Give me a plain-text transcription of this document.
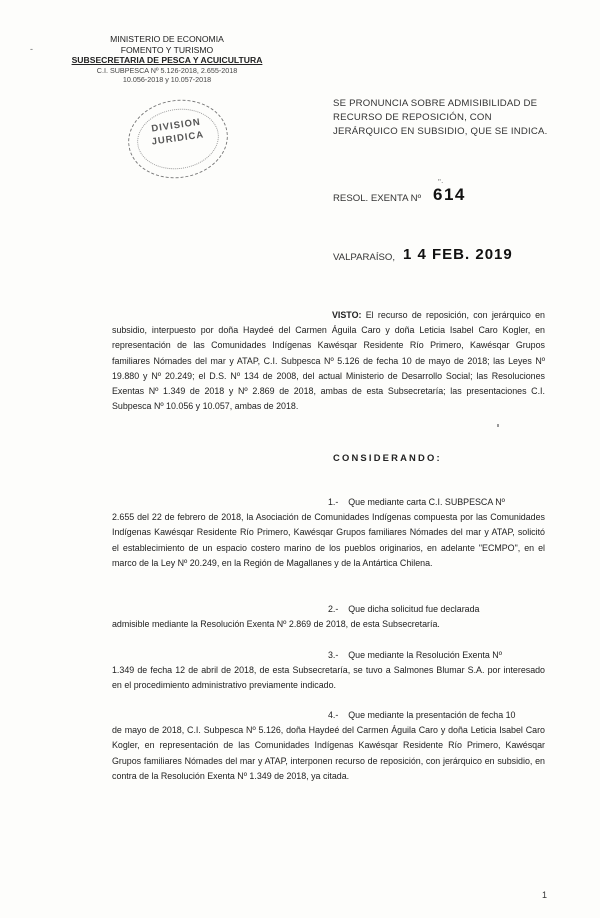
-
MINISTERIO DE ECONOMIA
FOMENTO Y TURISMO
SUBSECRETARIA DE PESCA Y ACUICULTURA
C.I. SUBPESCA Nº 5.126-2018, 2.655-2018
10.056-2018 y 10.057-2018
DIVISION
JURIDICA
SE PRONUNCIA SOBRE ADMISIBILIDAD DE RECURSO DE REPOSICIÓN, CON JERÁRQUICO EN SUBSIDIO, QUE SE INDICA.
RESOL. EXENTA Nº
"·
614
VALPARAÍSO, 1 4 FEB. 2019
VISTO: El recurso de reposición, con jerárquico en subsidio, interpuesto por doña Haydeé del Carmen Águila Caro y doña Leticia Isabel Caro Kogler, en representación de las Comunidades Indígenas Kawésqar Residente Río Primero, Kawésqar Grupos familiares Nómades del mar y ATAP, C.I. Subpesca Nº 5.126 de fecha 10 de mayo de 2018; las Leyes Nº 19.880 y Nº 20.249; el D.S. Nº 134 de 2008, del actual Ministerio de Desarrollo Social; las Resoluciones Exentas Nº 1.349 de 2018 y Nº 2.869 de 2018, ambas de esta Subsecretaría; las presentaciones C.I. Subpesca Nº 10.056 y 10.057, ambas de 2018.
CONSIDERANDO:
1.- Que mediante carta C.I. SUBPESCA Nº
2.655 del 22 de febrero de 2018, la Asociación de Comunidades Indígenas compuesta por las Comunidades Indígenas Kawésqar Residente Río Primero, Kawésqar Grupos familiares Nómades del mar y ATAP, solicitó el establecimiento de un espacio costero marino de los pueblos originarios, en adelante "ECMPO", en el marco de la Ley Nº 20.249, en la Región de Magallanes y de la Antártica Chilena.
2.- Que dicha solicitud fue declarada
admisible mediante la Resolución Exenta Nº 2.869 de 2018, de esta Subsecretaría.
3.- Que mediante la Resolución Exenta Nº
1.349 de fecha 12 de abril de 2018, de esta Subsecretaría, se tuvo a Salmones Blumar S.A. por interesado en el procedimiento administrativo previamente indicado.
4.- Que mediante la presentación de fecha 10
de mayo de 2018, C.I. Subpesca Nº 5.126, doña Haydeé del Carmen Águila Caro y doña Leticia Isabel Caro Kogler, en representación de las Comunidades Indígenas Kawésqar Residente Río Primero, Kawésqar Grupos familiares Nómades del mar y ATAP, interponen recurso de reposición, con jerárquico en subsidio, en contra de la Resolución Exenta Nº 1.349 de 2018, ya citada.
1
